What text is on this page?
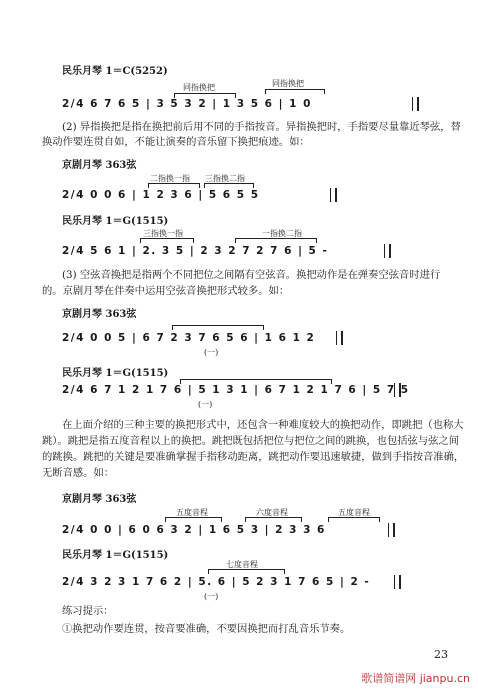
民乐月琴 1＝C(5252)
同指换把	同指换把
2/4 6 7 6 5 | 3 5 3 2 | 1 3 5 6 | 1 0
(2) 异指换把是指在换把前后用不同的手指按音。异指换把时，手指要尽量靠近琴弦，替
换动作要连贯自如，不能让演奏的音乐留下换把痕迹。如：
京剧月琴 363弦
二指换一指 三指换二指
2/4 0 0 6 | 1 2 3 6 | 5 6 5 5
民乐月琴 1＝G(1515)
三指换一指	一指换二指
2/4 5 6 1 | 2. 3 5 | 2 3 2 7 2 7 6 | 5 -
(3) 空弦音换把是指两个不同把位之间隔有空弦音。换把动作是在弹奏空弦音时进行
的。京剧月琴在伴奏中运用空弦音换把形式较多。如：
京剧月琴 363弦
2/4 0 0 5 | 6 7 2 3 7 6 5 6 | 1 6 1 2
(一)
民乐月琴 1＝G(1515)
2/4 6 7 1 2 1 7 6 | 5 1 3 1 | 6 7 1 2 1 7 6 | 5 7 5
(一)
在上面介绍的三种主要的换把形式中，还包含一种难度较大的换把动作，即跳把（也称大
跳）。跳把是指五度音程以上的换把。跳把既包括把位与把位之间的跳换，也包括弦与弦之间
的跳换。跳把的关键是要准确掌握手指移动距离，跳把动作要迅速敏捷，做到手指按音准确，
无断音感。如：
京剧月琴 363弦
五度音程	六度音程	五度音程
2/4 0 0 | 6 0 6 3 2 | 1 6 5 3 | 2 3 3 6
民乐月琴 1＝G(1515)
七度音程
2/4 3 2 3 1 7 6 2 | 5. 6 | 5 2 3 1 7 6 5 | 2 -
(一)
练习提示：
①换把动作要连贯，按音要准确，不要因换把而打乱音乐节奏。
23
歌谱简谱网 jianpu.cn
